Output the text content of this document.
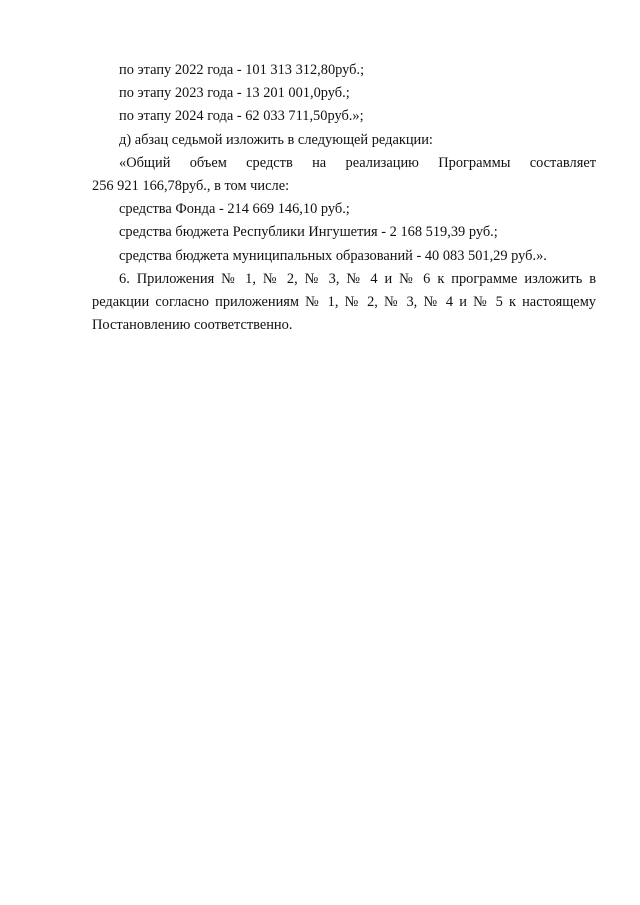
по этапу 2022 года - 101 313 312,80руб.;

по этапу 2023 года - 13 201 001,0руб.;

по этапу 2024 года - 62 033 711,50руб.»;

д) абзац седьмой изложить в следующей редакции:

«Общий объем средств на реализацию Программы составляет

256 921 166,78руб., в том числе:

средства Фонда - 214 669 146,10 руб.;

средства бюджета Республики Ингушетия - 2 168 519,39 руб.;

средства бюджета муниципальных образований - 40 083 501,29 руб.».

6. Приложения № 1, № 2, № 3, № 4 и № 6 к программе изложить в

редакции согласно приложениям № 1, № 2, № 3, № 4 и № 5 к настоящему

Постановлению соответственно.
